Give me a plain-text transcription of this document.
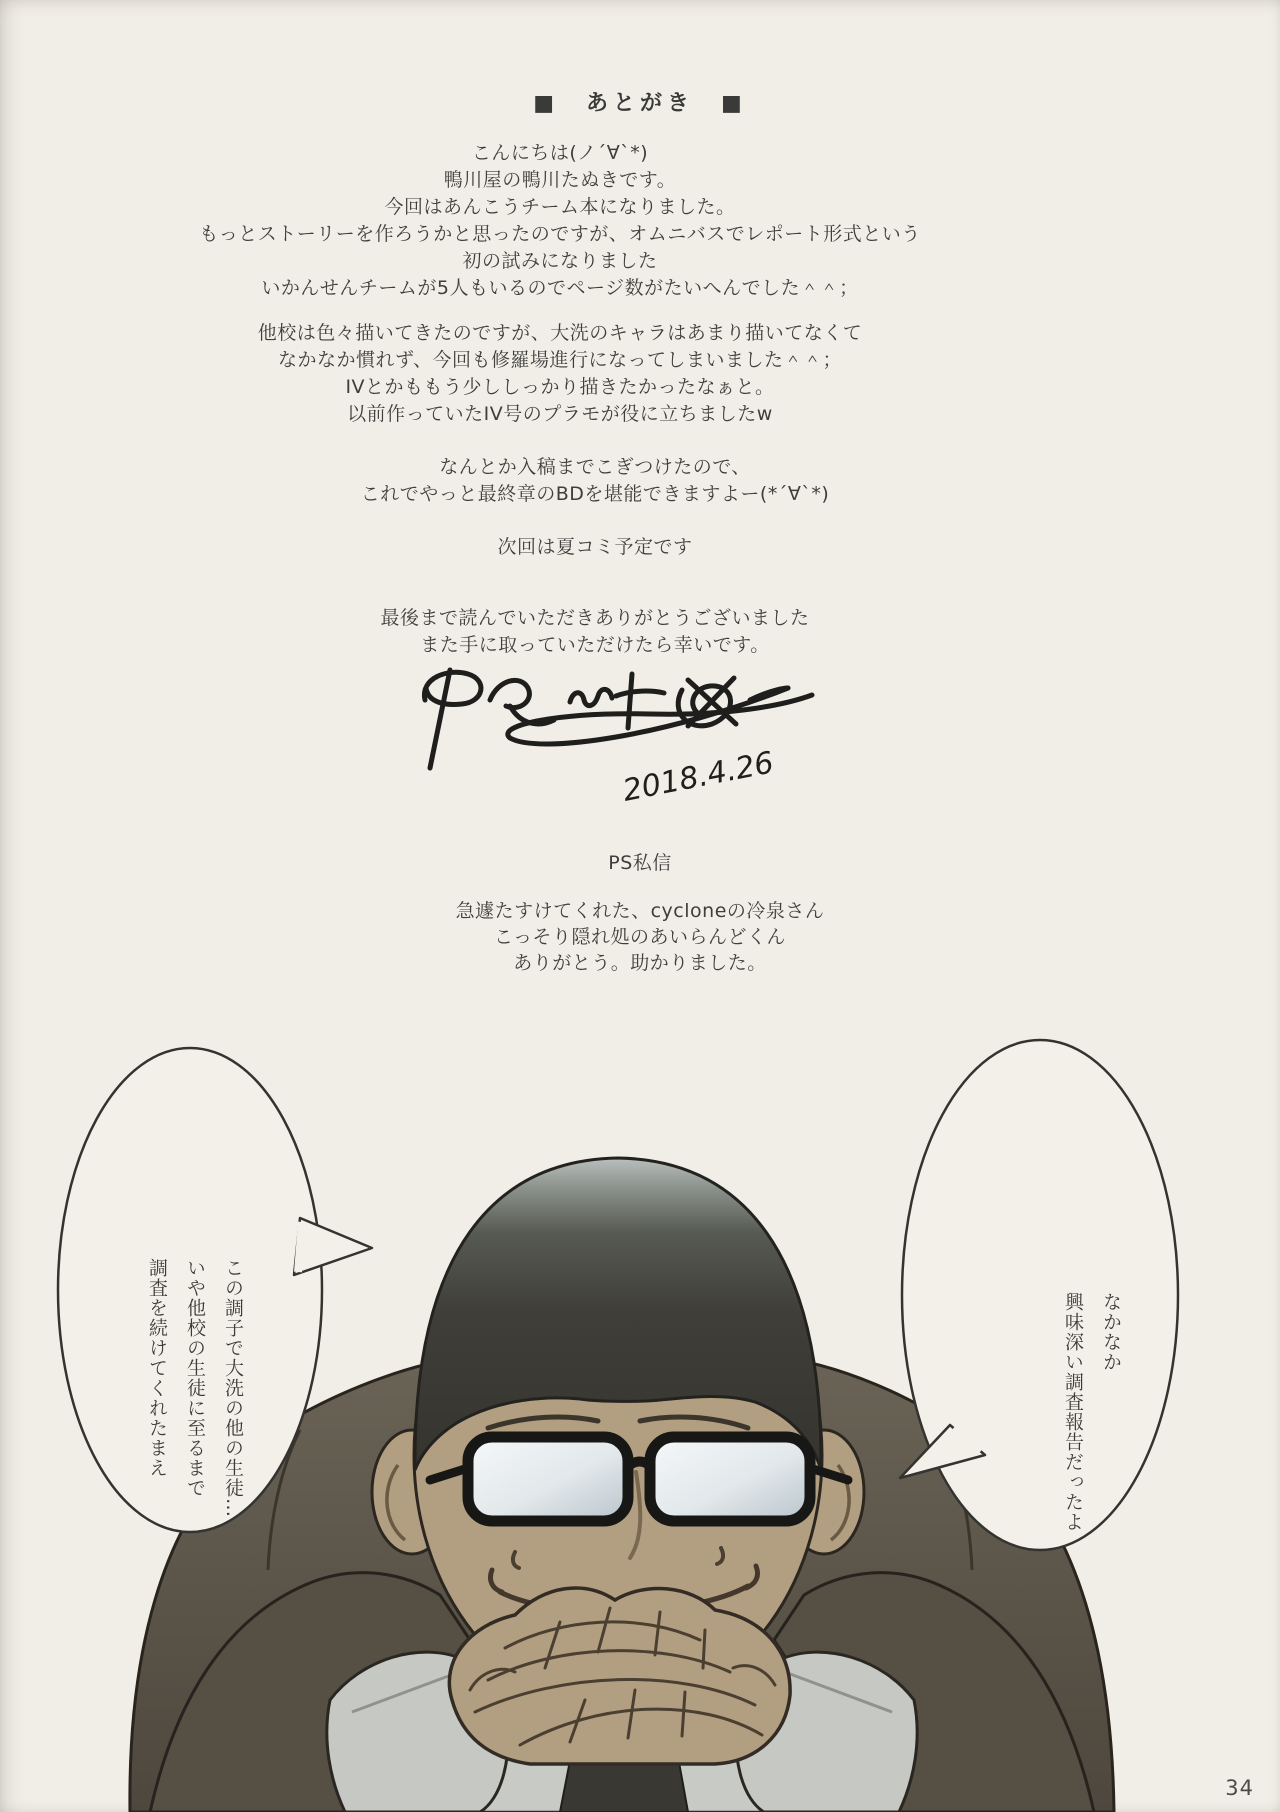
■　あとがき　■
こんにちは(ノ´∀`*)
鴨川屋の鴨川たぬきです。
今回はあんこうチーム本になりました。
もっとストーリーを作ろうかと思ったのですが、オムニバスでレポート形式という
初の試みになりました
いかんせんチームが5人もいるのでページ数がたいへんでした＾＾；
他校は色々描いてきたのですが、大洗のキャラはあまり描いてなくて
なかなか慣れず、今回も修羅場進行になってしまいました＾＾；
IVとかももう少ししっかり描きたかったなぁと。
以前作っていたIV号のプラモが役に立ちましたw
なんとか入稿までこぎつけたので、
これでやっと最終章のBDを堪能できますよー(*´∀`*)
次回は夏コミ予定です
最後まで読んでいただきありがとうございました
また手に取っていただけたら幸いです。
2018.4.26
PS私信
急遽たすけてくれた、cycloneの冷泉さん
こっそり隠れ処のあいらんどくん
ありがとう。助かりました。
この調子で大洗の他の生徒…
いや他校の生徒に至るまで
調査を続けてくれたまえ	なかなか
興味深い調査報告だったよ
34
